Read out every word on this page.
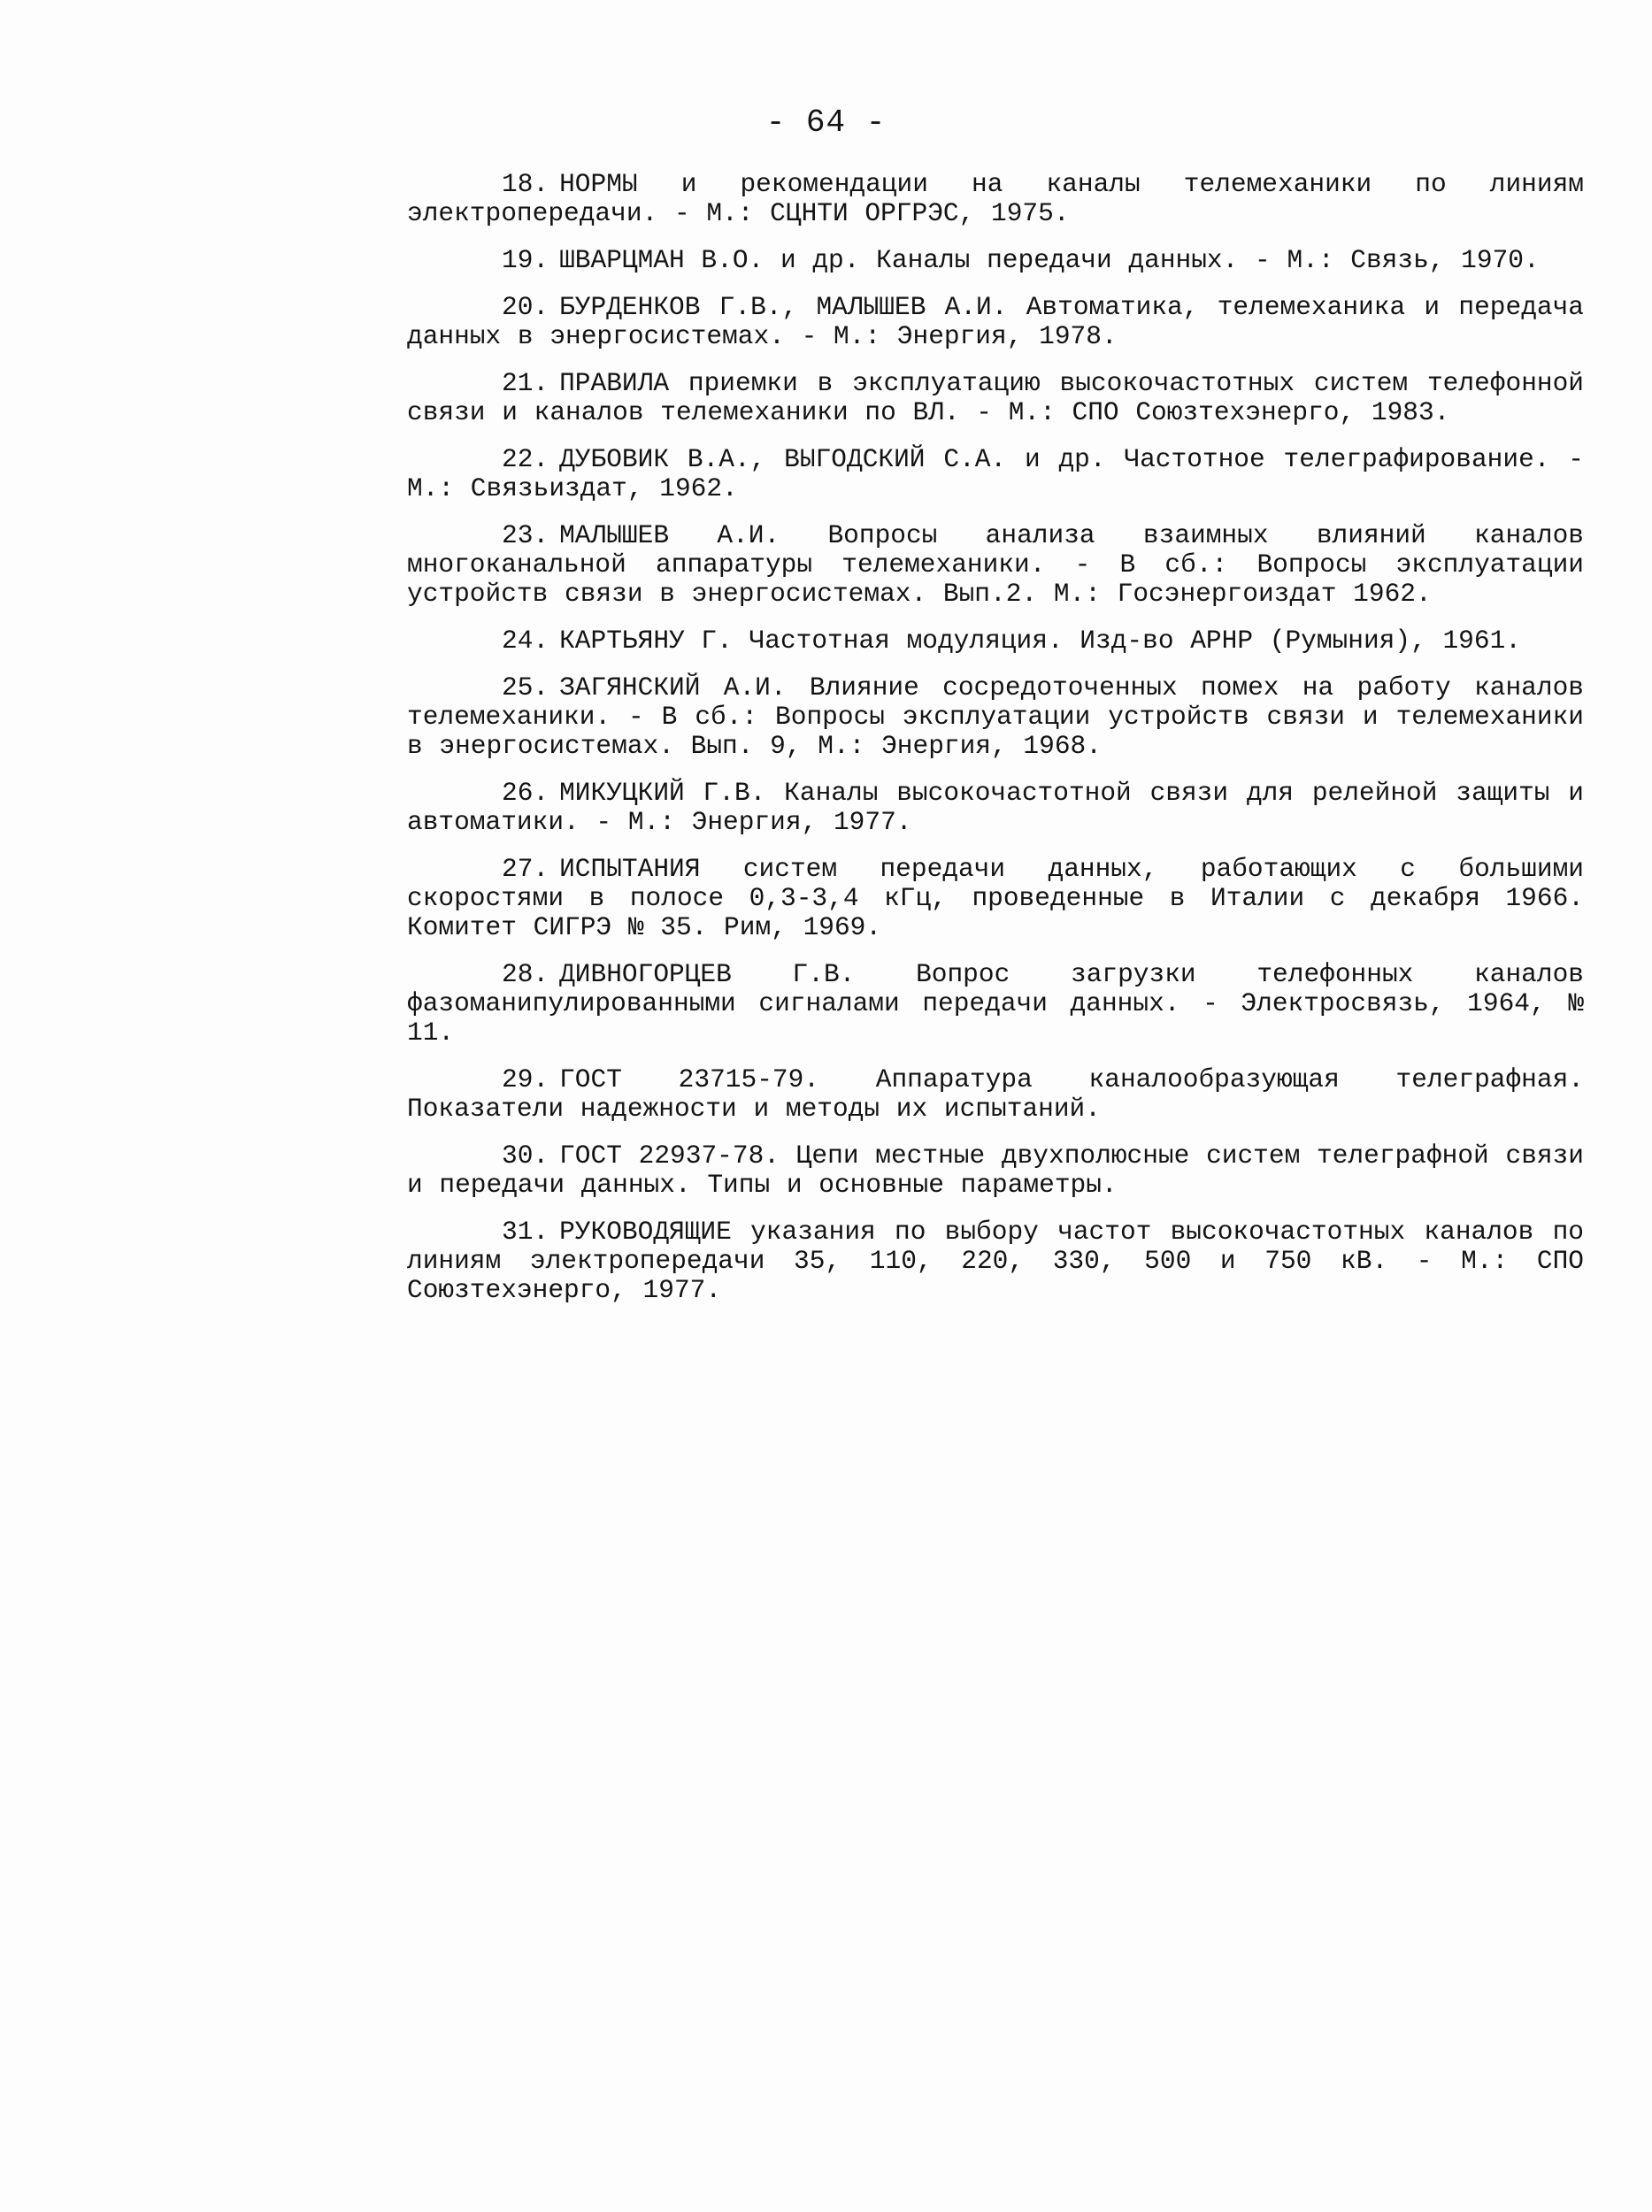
- 64 -

18. НОРМЫ и рекомендации на каналы телемеханики по линиям электропередачи. - М.: СЦНТИ ОРГРЭС, 1975.

19. ШВАРЦМАН В.О. и др. Каналы передачи данных. - М.: Связь, 1970.

20. БУРДЕНКОВ Г.В., МАЛЫШЕВ А.И. Автоматика, телемеханика и передача данных в энергосистемах. - М.: Энергия, 1978.

21. ПРАВИЛА приемки в эксплуатацию высокочастотных систем телефонной связи и каналов телемеханики по ВЛ. - М.: СПО Союзтехэнерго, 1983.

22. ДУБОВИК В.А., ВЫГОДСКИЙ С.А. и др. Частотное телеграфирование. - М.: Связьиздат, 1962.

23. МАЛЫШЕВ А.И. Вопросы анализа взаимных влияний каналов многоканальной аппаратуры телемеханики. - В сб.: Вопросы эксплуатации устройств связи в энергосистемах. Вып.2. М.: Госэнергоиздат 1962.

24. КАРТЬЯНУ Г. Частотная модуляция. Изд-во АРНР (Румыния), 1961.

25. ЗАГЯНСКИЙ А.И. Влияние сосредоточенных помех на работу каналов телемеханики. - В сб.: Вопросы эксплуатации устройств связи и телемеханики в энергосистемах. Вып. 9, М.: Энергия, 1968.

26. МИКУЦКИЙ Г.В. Каналы высокочастотной связи для релейной защиты и автоматики. - М.: Энергия, 1977.

27. ИСПЫТАНИЯ систем передачи данных, работающих с большими скоростями в полосе 0,3-3,4 кГц, проведенные в Италии с декабря 1966. Комитет СИГРЭ № 35. Рим, 1969.

28. ДИВНОГОРЦЕВ Г.В. Вопрос загрузки телефонных каналов фазоманипулированными сигналами передачи данных. - Электросвязь, 1964, № 11.

29. ГОСТ 23715-79. Аппаратура каналообразующая телеграфная. Показатели надежности и методы их испытаний.

30. ГОСТ 22937-78. Цепи местные двухполюсные систем телеграфной связи и передачи данных. Типы и основные параметры.

31. РУКОВОДЯЩИЕ указания по выбору частот высокочастотных каналов по линиям электропередачи 35, 110, 220, 330, 500 и 750 кВ. - М.: СПО Союзтехэнерго, 1977.
